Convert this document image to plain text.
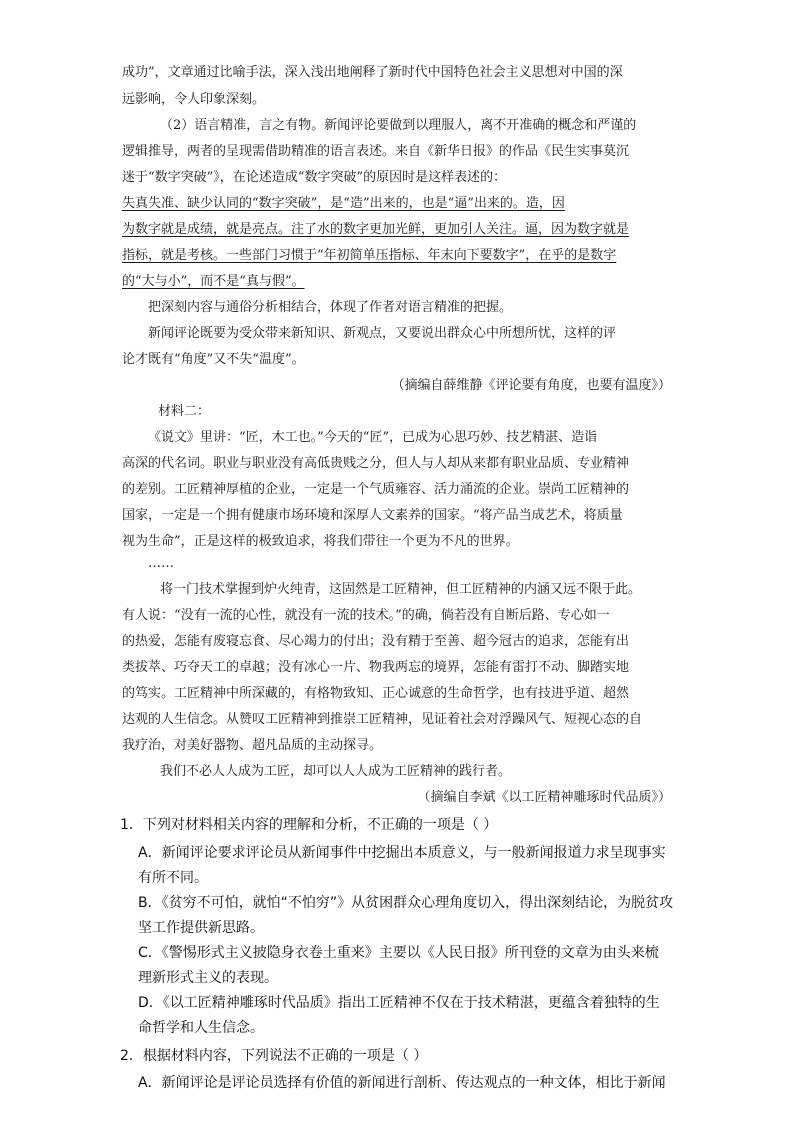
成功”，文章通过比喻手法，深入浅出地阐释了新时代中国特色社会主义思想对中国的深
远影响，令人印象深刻。
（2）语言精准，言之有物。新闻评论要做到以理服人，离不开准确的概念和严谨的
逻辑推导，两者的呈现需借助精准的语言表述。来自《新华日报》的作品《民生实事莫沉
迷于“数字突破”》，在论述造成“数字突破”的原因时是这样表述的：
失真失准、缺少认同的“数字突破”，是“造”出来的，也是“逼”出来的。造，因
为数字就是成绩，就是亮点。注了水的数字更加光鲜，更加引人关注。逼，因为数字就是
指标，就是考核。一些部门习惯于“年初简单压指标、年末向下要数字”，在乎的是数字
的“大与小”，而不是“真与假”。
把深刻内容与通俗分析相结合，体现了作者对语言精准的把握。
新闻评论既要为受众带来新知识、新观点，又要说出群众心中所想所忧，这样的评
论才既有“角度”又不失“温度”。
（摘编自薛维静《评论要有角度，也要有温度》）
材料二：
《说文》里讲：“匠，木工也。”今天的“匠”，已成为心思巧妙、技艺精湛、造诣
高深的代名词。职业与职业没有高低贵贱之分，但人与人却从来都有职业品质、专业精神
的差别。工匠精神厚植的企业，一定是一个气质雍容、活力涌流的企业。崇尚工匠精神的
国家，一定是一个拥有健康市场环境和深厚人文素养的国家。“将产品当成艺术，将质量
视为生命”，正是这样的极致追求，将我们带往一个更为不凡的世界。
……
将一门技术掌握到炉火纯青，这固然是工匠精神，但工匠精神的内涵又远不限于此。
有人说：“没有一流的心性，就没有一流的技术。”的确，倘若没有自断后路、专心如一
的热爱，怎能有废寝忘食、尽心竭力的付出；没有精于至善、超今冠古的追求，怎能有出
类拔萃、巧夺天工的卓越；没有冰心一片、物我两忘的境界，怎能有雷打不动、脚踏实地
的笃实。工匠精神中所深藏的，有格物致知、正心诚意的生命哲学，也有技进乎道、超然
达观的人生信念。从赞叹工匠精神到推崇工匠精神，见证着社会对浮躁风气、短视心态的自
我疗治，对美好器物、超凡品质的主动探寻。
我们不必人人成为工匠，却可以人人成为工匠精神的践行者。
（摘编自李斌《以工匠精神雕琢时代品质》）
1．下列对材料相关内容的理解和分析，不正确的一项是（ ）
A．新闻评论要求评论员从新闻事件中挖掘出本质意义，与一般新闻报道力求呈现事实
有所不同。
B．《贫穷不可怕，就怕“不怕穷”》从贫困群众心理角度切入，得出深刻结论，为脱贫攻
坚工作提供新思路。
C．《警惕形式主义披隐身衣卷土重来》主要以《人民日报》所刊登的文章为由头来梳
理新形式主义的表现。
D．《以工匠精神雕琢时代品质》指出工匠精神不仅在于技术精湛，更蕴含着独特的生
命哲学和人生信念。
2．根据材料内容，下列说法不正确的一项是（ ）
A．新闻评论是评论员选择有价值的新闻进行剖析、传达观点的一种文体，相比于新闻
